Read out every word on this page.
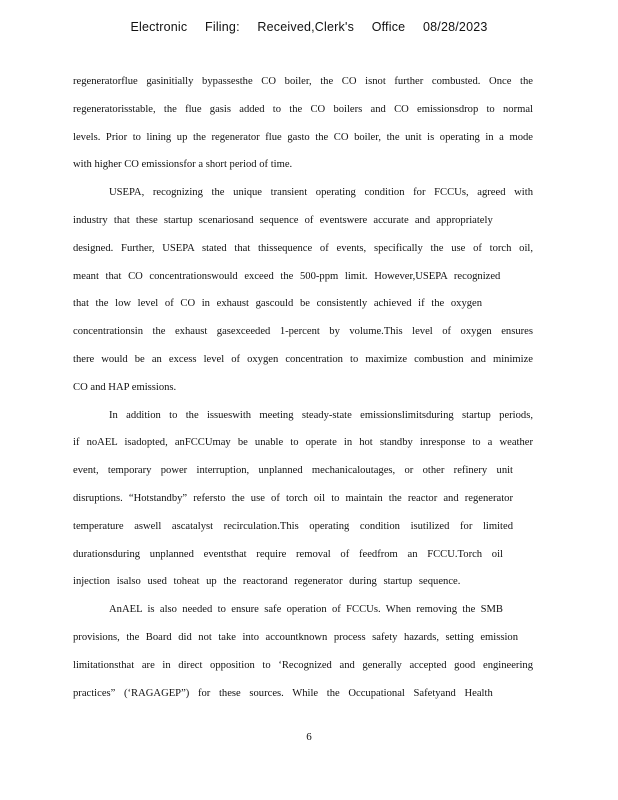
Electronic Filing: Received,Clerk's Office 08/28/2023
regeneratorflue gasinitially bypassesthe CO boiler, the CO isnot further combusted. Once the
regeneratorisstable, the flue gasis added to the CO boilers and CO emissionsdrop to normal
levels. Prior to lining up the regenerator flue gasto the CO boiler, the unit is operating in a mode
with higher CO emissionsfor a short period of time.
USEPA, recognizing the unique transient operating condition for FCCUs, agreed with
industry that these startup scenariosand sequence of eventswere accurate and appropriately
designed. Further, USEPA stated that thissequence of events, specifically the use of torch oil,
meant that CO concentrationswould exceed the 500-ppm limit. However,USEPA recognized
that the low level of CO in exhaust gascould be consistently achieved if the oxygen
concentrationsin the exhaust gasexceeded 1-percent by volume.This level of oxygen ensures
there would be an excess level of oxygen concentration to maximize combustion and minimize
CO and HAP emissions.
In addition to the issueswith meeting steady-state emissionslimitsduring startup periods,
if noAEL isadopted, anFCCUmay be unable to operate in hot standby inresponse to a weather
event, temporary power interruption, unplanned mechanicaloutages, or other refinery unit
disruptions. “Hotstandby” refersto the use of torch oil to maintain the reactor and regenerator
temperature aswell ascatalyst recirculation.This operating condition isutilized for limited
durationsduring unplanned eventsthat require removal of feedfrom an FCCU.Torch oil
injection isalso used toheat up the reactorand regenerator during startup sequence.
AnAEL is also needed to ensure safe operation of FCCUs. When removing the SMB
provisions, the Board did not take into accountknown process safety hazards, setting emission
limitationsthat are in direct opposition to ‘Recognized and generally accepted good engineering
practices” (‘RAGAGEP”) for these sources. While the Occupational Safetyand Health
6
